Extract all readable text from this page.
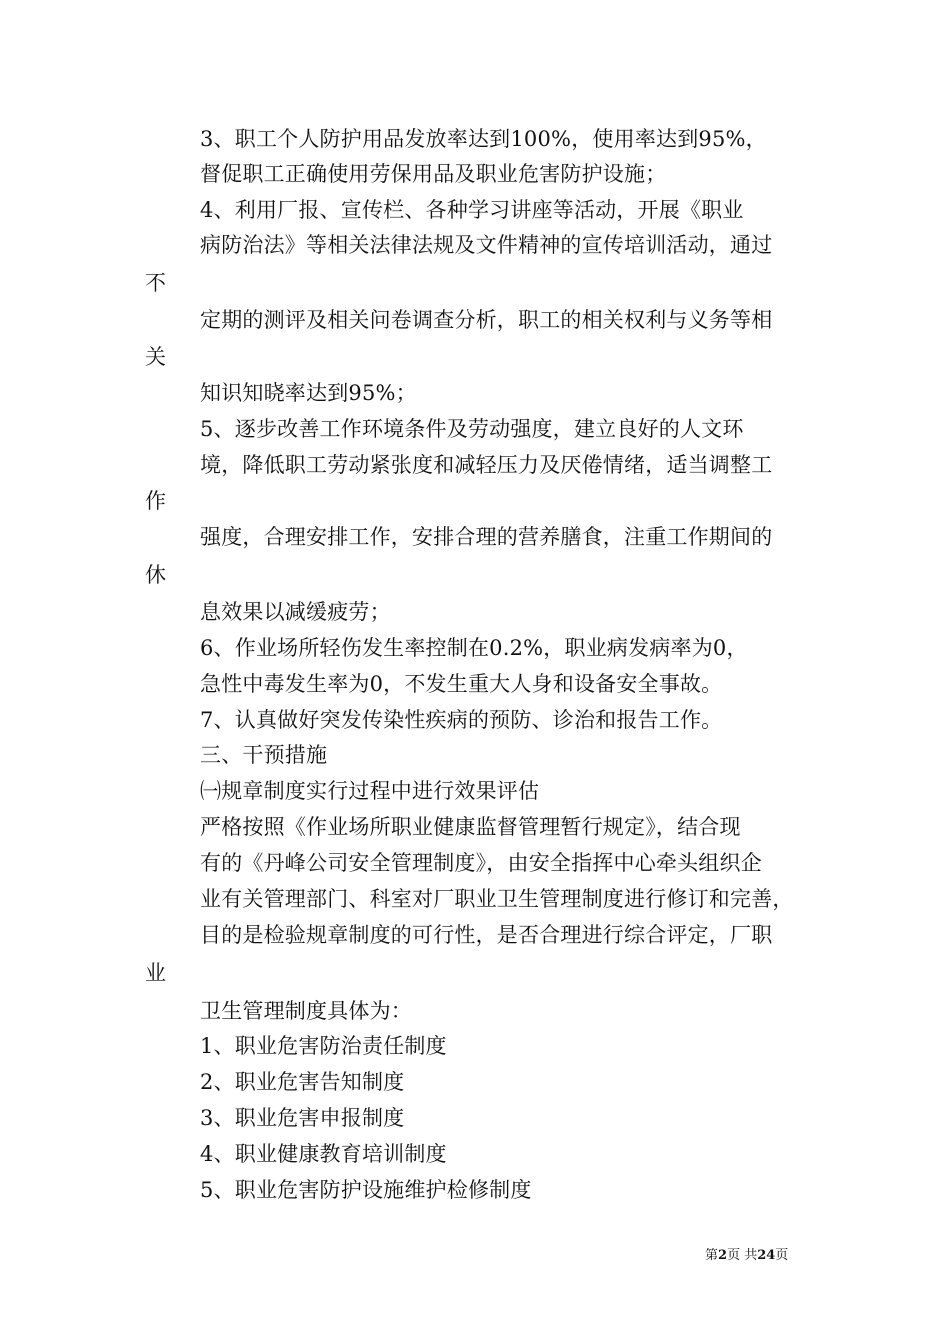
3、职工个人防护用品发放率达到100%，使用率达到95%，
督促职工正确使用劳保用品及职业危害防护设施；
4、利用厂报、宣传栏、各种学习讲座等活动，开展《职业
病防治法》等相关法律法规及文件精神的宣传培训活动，通过
不
定期的测评及相关问卷调查分析，职工的相关权利与义务等相
关
知识知晓率达到95%；
5、逐步改善工作环境条件及劳动强度，建立良好的人文环
境，降低职工劳动紧张度和减轻压力及厌倦情绪，适当调整工
作
强度，合理安排工作，安排合理的营养膳食，注重工作期间的
休
息效果以减缓疲劳；
6、作业场所轻伤发生率控制在0.2%，职业病发病率为0，
急性中毒发生率为0，不发生重大人身和设备安全事故。
7、认真做好突发传染性疾病的预防、诊治和报告工作。
三、干预措施
㈠规章制度实行过程中进行效果评估
严格按照《作业场所职业健康监督管理暂行规定》，结合现
有的《丹峰公司安全管理制度》，由安全指挥中心牵头组织企
业有关管理部门、科室对厂职业卫生管理制度进行修订和完善，
目的是检验规章制度的可行性，是否合理进行综合评定，厂职
业
卫生管理制度具体为：
1、职业危害防治责任制度
2、职业危害告知制度
3、职业危害申报制度
4、职业健康教育培训制度
5、职业危害防护设施维护检修制度
第2页 共24页
